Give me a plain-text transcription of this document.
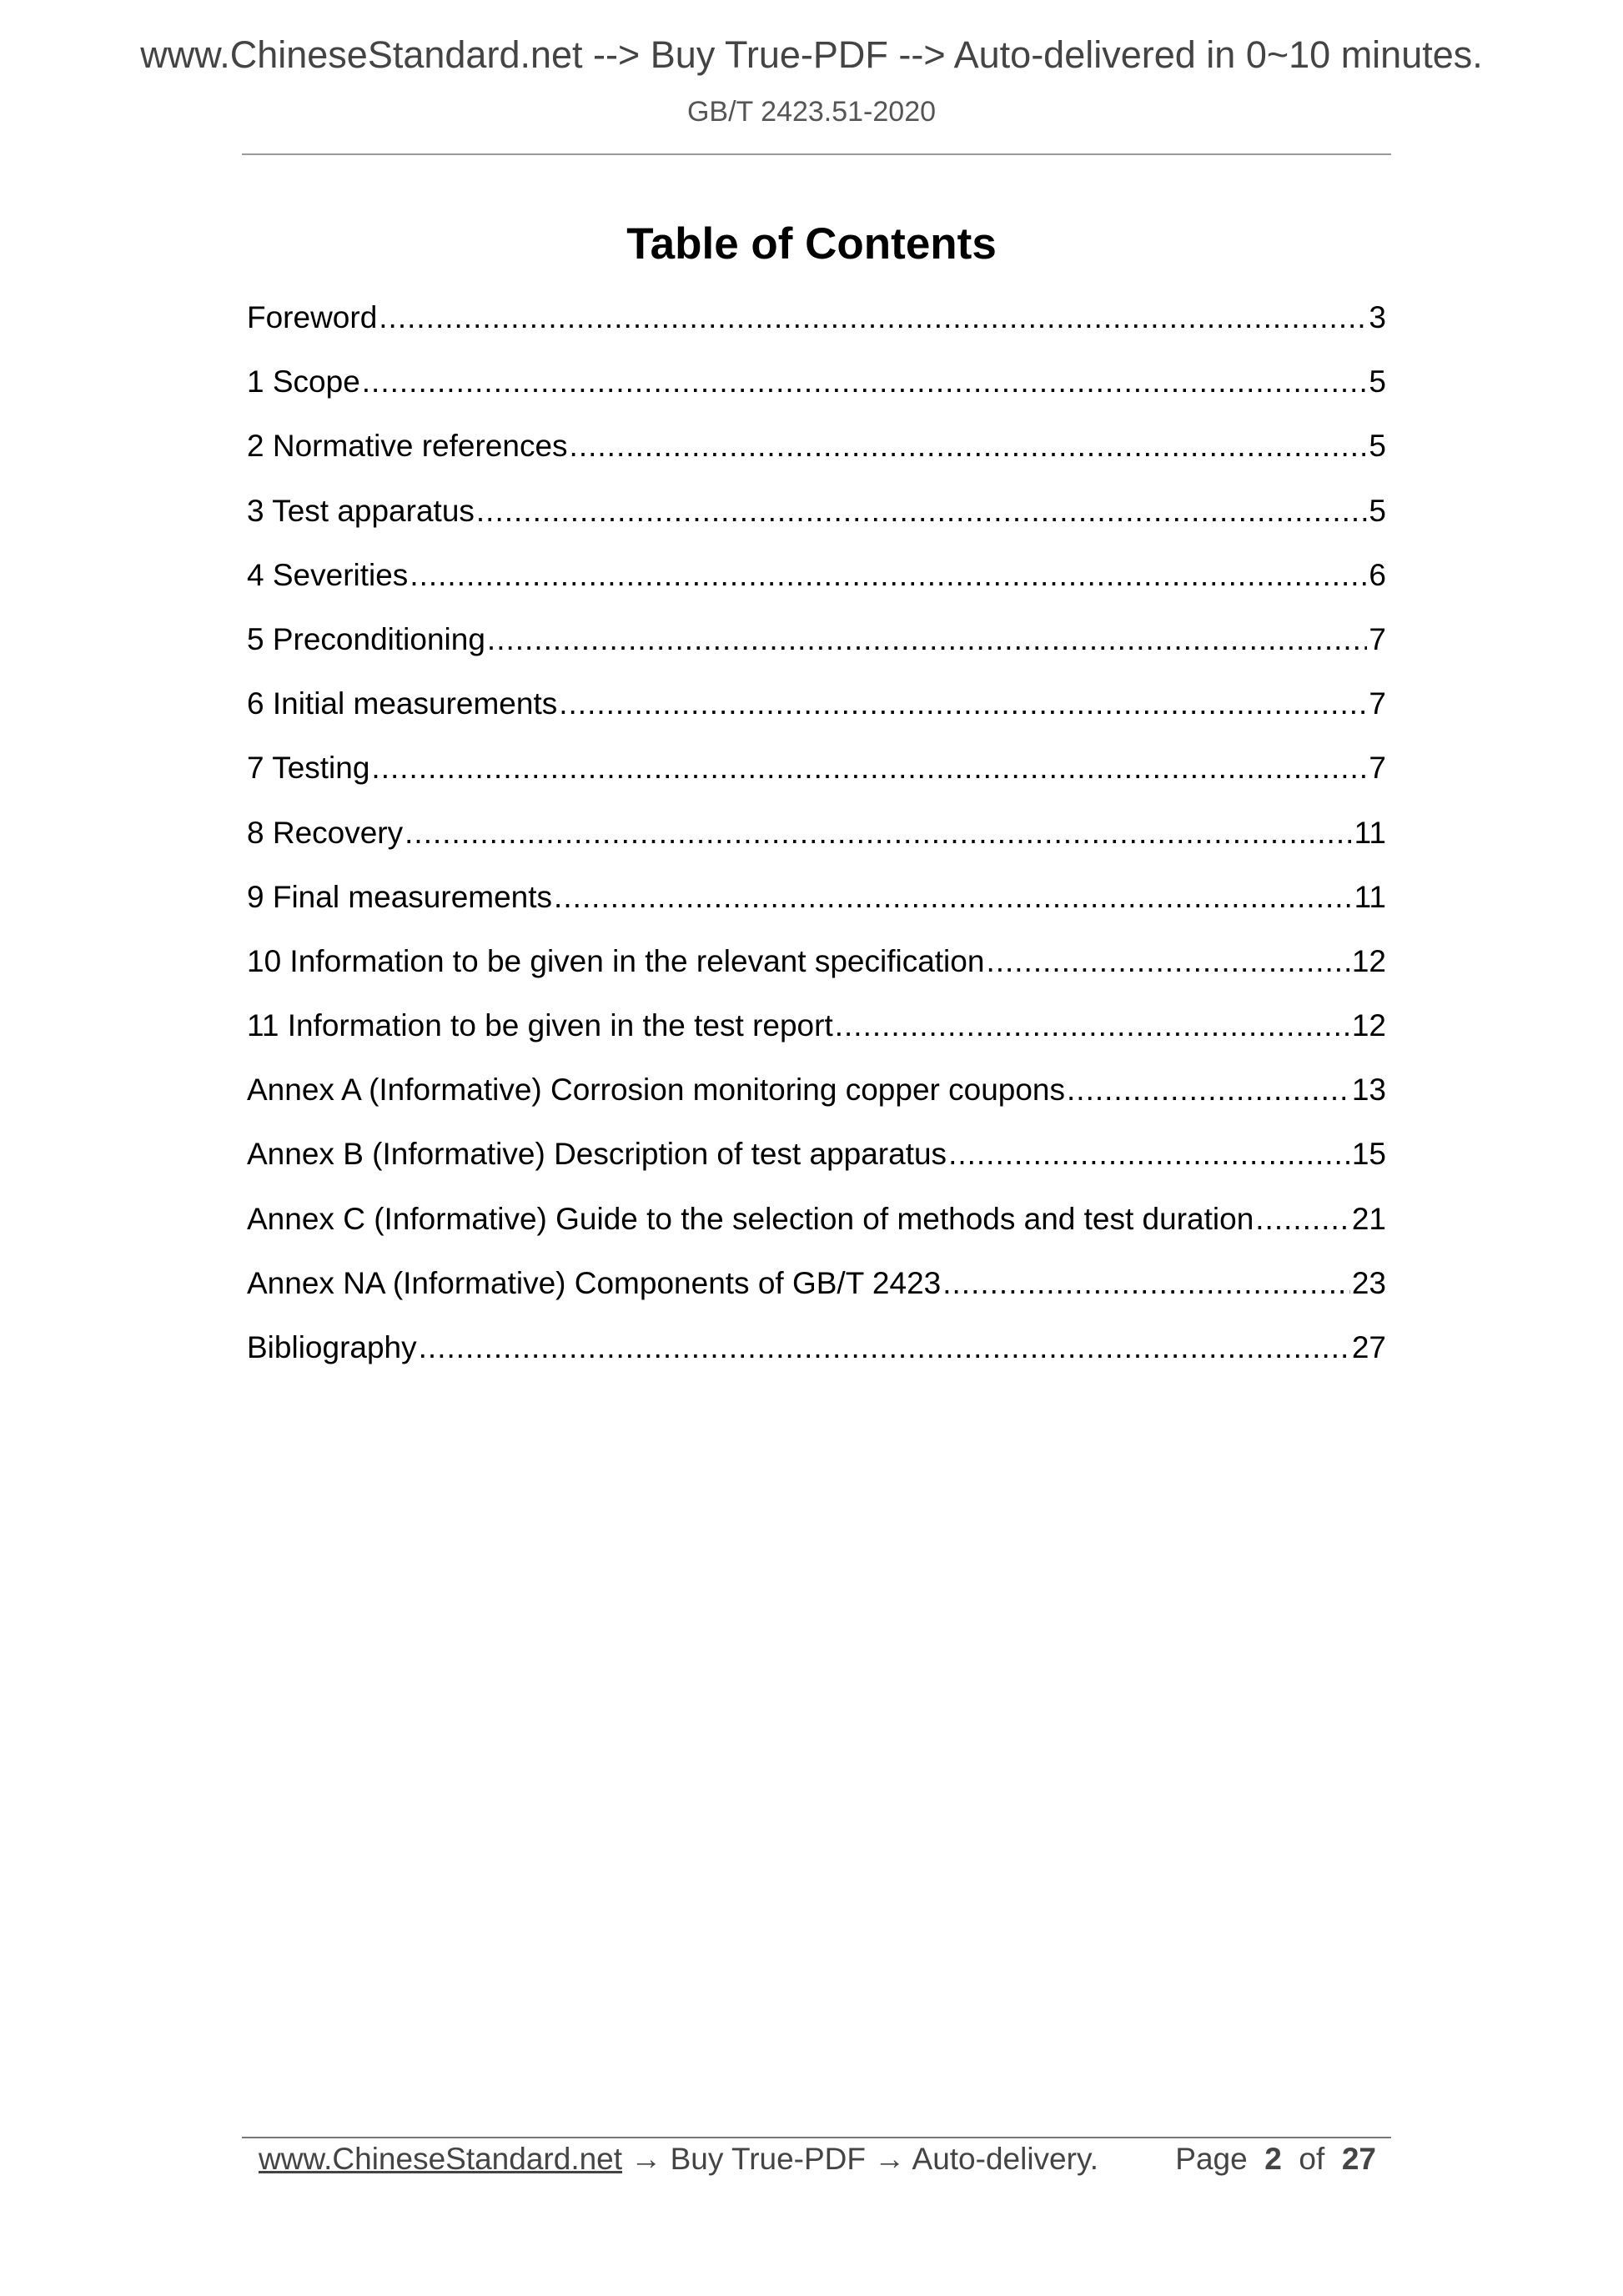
www.ChineseStandard.net --> Buy True-PDF --> Auto-delivered in 0~10 minutes.
GB/T 2423.51-2020
Table of Contents
Foreword .....	3
1 Scope .....	5
2 Normative references .....	5
3 Test apparatus .....	5
4 Severities .....	6
5 Preconditioning .....	7
6 Initial measurements .....	7
7 Testing .....	7
8 Recovery .....	11
9 Final measurements .....	11
10 Information to be given in the relevant specification .....	12
11 Information to be given in the test report .....	12
Annex A (Informative) Corrosion monitoring copper coupons .....	13
Annex B (Informative) Description of test apparatus .....	15
Annex C (Informative) Guide to the selection of methods and test duration .....	21
Annex NA (Informative) Components of GB/T 2423 .....	23
Bibliography .....	27
www.ChineseStandard.net → Buy True-PDF → Auto-delivery. Page 2 of 27
